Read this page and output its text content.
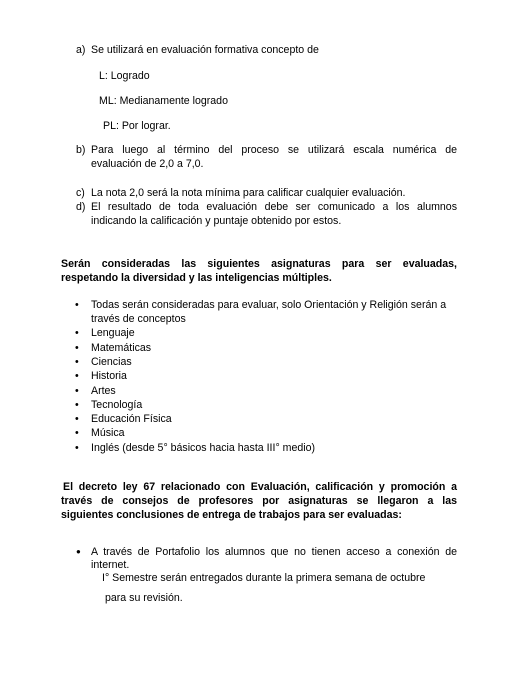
a) Se utilizará en evaluación formativa concepto de
L: Logrado
ML: Medianamente logrado
PL: Por lograr.
b) Para luego al término del proceso se utilizará escala numérica de
evaluación de 2,0 a 7,0.
c) La nota 2,0 será la nota mínima para calificar cualquier evaluación.
d) El resultado de toda evaluación debe ser comunicado a los alumnos
indicando la calificación y puntaje obtenido por estos.
Serán consideradas las siguientes asignaturas para ser evaluadas,
respetando la diversidad y las inteligencias múltiples.
• Todas serán consideradas para evaluar, solo Orientación y Religión serán a
través de conceptos
• Lenguaje
• Matemáticas
• Ciencias
• Historia
• Artes
• Tecnología
• Educación Física
• Música
• Inglés (desde 5° básicos hacia hasta III° medio)
El decreto ley 67 relacionado con Evaluación, calificación y promoción a
través de consejos de profesores por asignaturas se llegaron a las
siguientes conclusiones de entrega de trabajos para ser evaluadas:
● A través de Portafolio los alumnos que no tienen acceso a conexión de
internet.
I° Semestre serán entregados durante la primera semana de octubre
para su revisión.
